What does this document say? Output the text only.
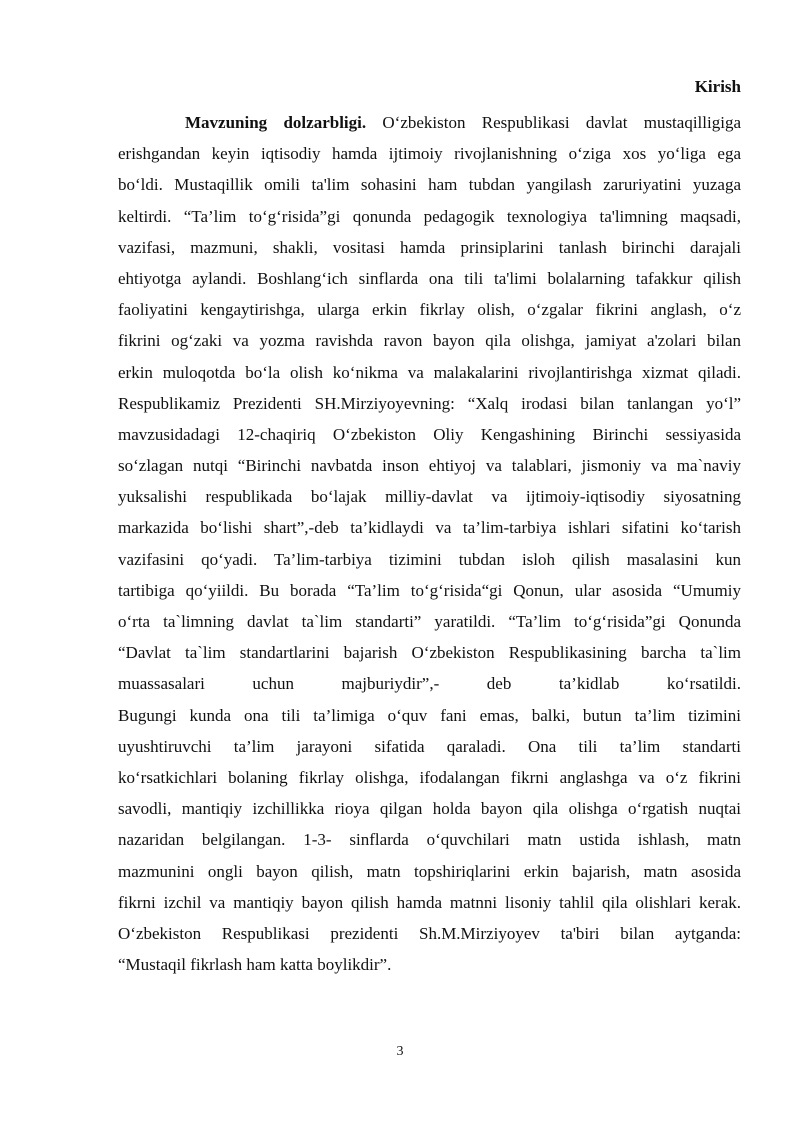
Kirish
Mavzuning dolzarbligi. O‘zbekiston Respublikasi davlat mustaqilligiga
erishgandan keyin iqtisodiy hamda ijtimoiy rivojlanishning o‘ziga xos yo‘liga ega
bo‘ldi. Mustaqillik omili ta'lim sohasini ham tubdan yangilash zaruriyatini yuzaga
keltirdi. “Ta’lim to‘g‘risida”gi qonunda pedagogik texnologiya ta'limning maqsadi,
vazifasi, mazmuni, shakli, vositasi hamda prinsiplarini tanlash birinchi darajali
ehtiyotga aylandi. Boshlang‘ich sinflarda ona tili ta'limi bolalarning tafakkur qilish
faoliyatini kengaytirishga, ularga erkin fikrlay olish, o‘zgalar fikrini anglash, o‘z
fikrini og‘zaki va yozma ravishda ravon bayon qila olishga, jamiyat a'zolari bilan
erkin muloqotda bo‘la olish ko‘nikma va malakalarini rivojlantirishga xizmat qiladi.
Respublikamiz Prezidenti SH.Mirziyoyevning: “Xalq irodasi bilan tanlangan yo‘l”
mavzusidadagi 12-chaqiriq O‘zbekiston Oliy Kengashining Birinchi sessiyasida
so‘zlagan nutqi “Birinchi navbatda inson ehtiyoj va talablari, jismoniy va ma`naviy
yuksalishi respublikada bo‘lajak milliy-davlat va ijtimoiy-iqtisodiy siyosatning
markazida bo‘lishi shart”,-deb ta’kidlaydi va ta’lim-tarbiya ishlari sifatini ko‘tarish
vazifasini qo‘yadi. Ta’lim-tarbiya tizimini tubdan isloh qilish masalasini kun
tartibiga qo‘yiildi. Bu borada “Ta’lim to‘g‘risida“gi Qonun, ular asosida “Umumiy
o‘rta ta`limning davlat ta`lim standarti” yaratildi. “Ta’lim to‘g‘risida”gi Qonunda
“Davlat ta`lim standartlarini bajarish O‘zbekiston Respublikasining barcha ta`lim
muassasalari uchun majburiydir”,- deb ta’kidlab ko‘rsatildi.
Bugungi kunda ona tili ta’limiga o‘quv fani emas, balki, butun ta’lim tizimini
uyushtiruvchi ta’lim jarayoni sifatida qaraladi. Ona tili ta’lim standarti
ko‘rsatkichlari bolaning fikrlay olishga, ifodalangan fikrni anglashga va o‘z fikrini
savodli, mantiqiy izchillikka rioya qilgan holda bayon qila olishga o‘rgatish nuqtai
nazaridan belgilangan. 1-3- sinflarda o‘quvchilari matn ustida ishlash, matn
mazmunini ongli bayon qilish, matn topshiriqlarini erkin bajarish, matn asosida
fikrni izchil va mantiqiy bayon qilish hamda matnni lisoniy tahlil qila olishlari kerak.
O‘zbekiston Respublikasi prezidenti Sh.M.Mirziyoyev ta'biri bilan aytganda:
“Mustaqil fikrlash ham katta boylikdir”.
3
